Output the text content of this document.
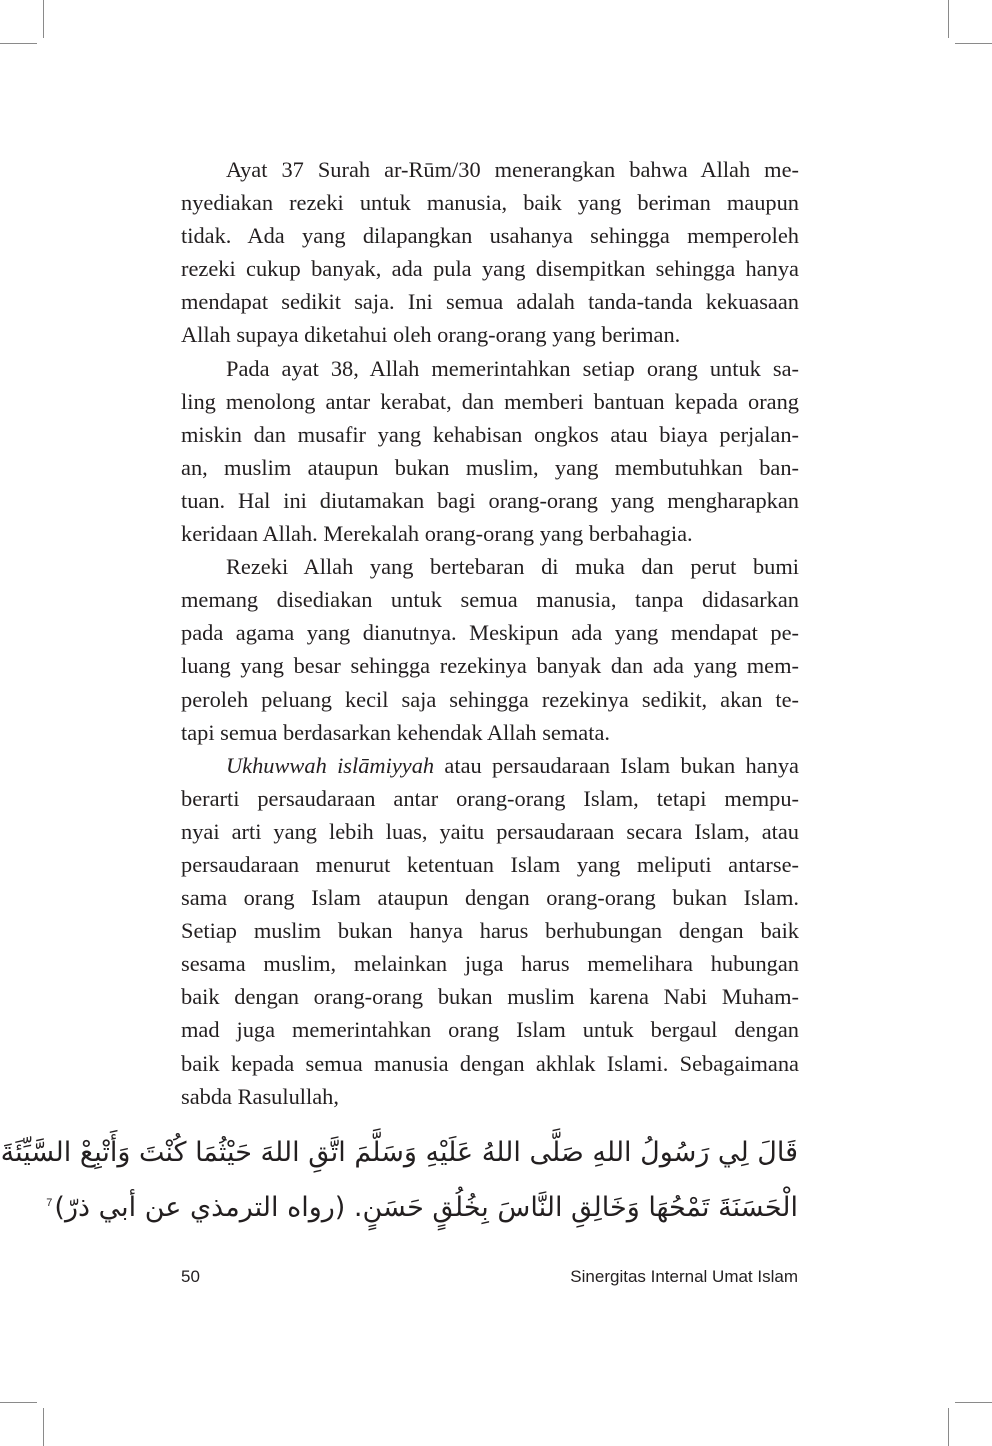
Ayat 37 Surah ar-Rūm/30 menerangkan bahwa Allah me-
nyediakan rezeki untuk manusia, baik yang beriman maupun
tidak. Ada yang dilapangkan usahanya sehingga memperoleh
rezeki cukup banyak, ada pula yang disempitkan sehingga hanya
mendapat sedikit saja. Ini semua adalah tanda-tanda kekuasaan
Allah supaya diketahui oleh orang-orang yang beriman.

Pada ayat 38, Allah memerintahkan setiap orang untuk sa-
ling menolong antar kerabat, dan memberi bantuan kepada orang
miskin dan musafir yang kehabisan ongkos atau biaya perjalan-
an, muslim ataupun bukan muslim, yang membutuhkan ban-
tuan. Hal ini diutamakan bagi orang-orang yang mengharapkan
keridaan Allah. Merekalah orang-orang yang berbahagia.

Rezeki Allah yang bertebaran di muka dan perut bumi
memang disediakan untuk semua manusia, tanpa didasarkan
pada agama yang dianutnya. Meskipun ada yang mendapat pe-
luang yang besar sehingga rezekinya banyak dan ada yang mem-
peroleh peluang kecil saja sehingga rezekinya sedikit, akan te-
tapi semua berdasarkan kehendak Allah semata.

Ukhuwwah islāmiyyah atau persaudaraan Islam bukan hanya
berarti persaudaraan antar orang-orang Islam, tetapi mempu-
nyai arti yang lebih luas, yaitu persaudaraan secara Islam, atau
persaudaraan menurut ketentuan Islam yang meliputi antarse-
sama orang Islam ataupun dengan orang-orang bukan Islam.
Setiap muslim bukan hanya harus berhubungan dengan baik
sesama muslim, melainkan juga harus memelihara hubungan
baik dengan orang-orang bukan muslim karena Nabi Muham-
mad juga memerintahkan orang Islam untuk bergaul dengan
baik kepada semua manusia dengan akhlak Islami. Sebagaimana
sabda Rasulullah,

قَالَ لِي رَسُولُ اللهِ صَلَّى اللهُ عَلَيْهِ وَسَلَّمَ اتَّقِ اللهَ حَيْثُمَا كُنْتَ وَأَتْبِعْ السَّيِّئَةَ
الْحَسَنَةَ تَمْحُهَا وَخَالِقِ النَّاسَ بِخُلُقٍ حَسَنٍ. (رواه الترمذي عن أبي ذرّ)$^7$
50	Sinergitas Internal Umat Islam
